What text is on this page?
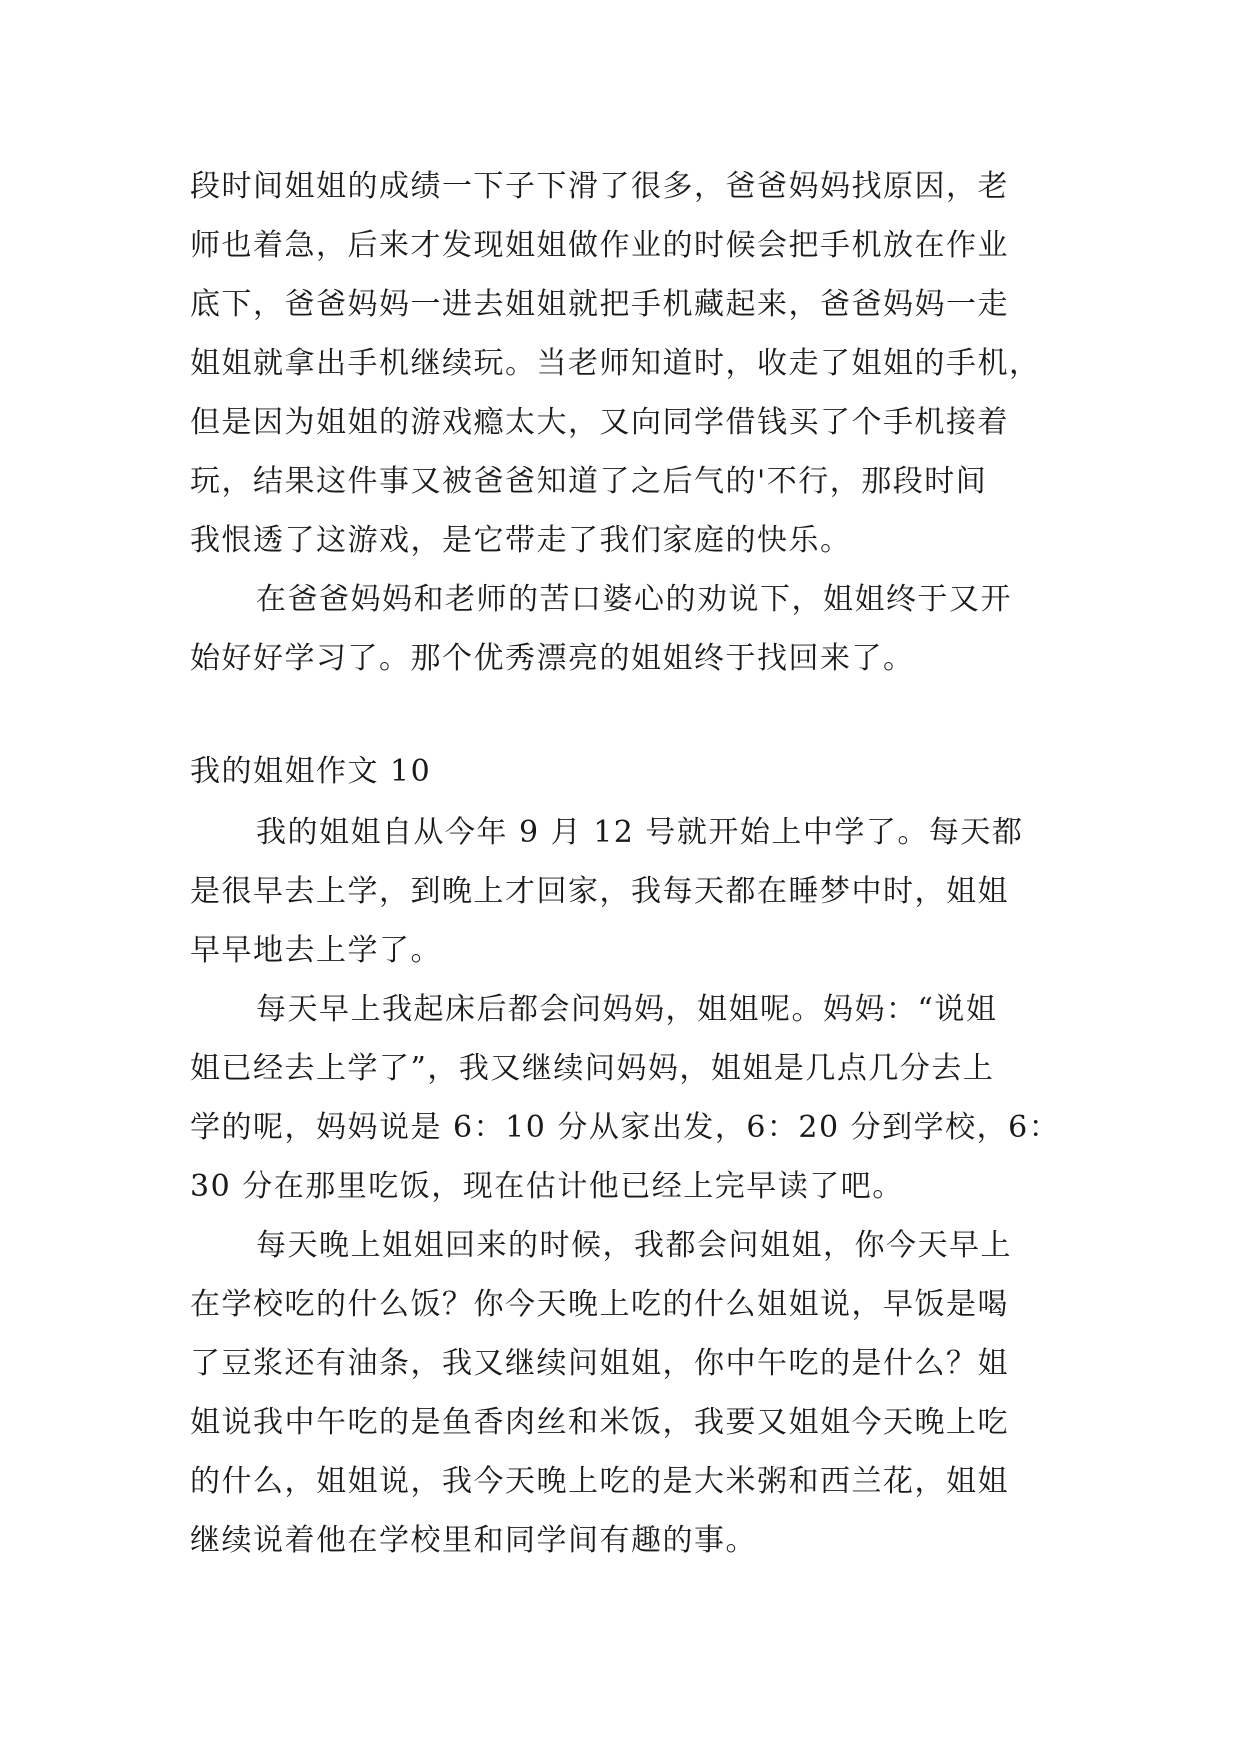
段时间姐姐的成绩一下子下滑了很多，爸爸妈妈找原因，老
师也着急，后来才发现姐姐做作业的时候会把手机放在作业
底下，爸爸妈妈一进去姐姐就把手机藏起来，爸爸妈妈一走
姐姐就拿出手机继续玩。当老师知道时，收走了姐姐的手机，
但是因为姐姐的游戏瘾太大，又向同学借钱买了个手机接着
玩，结果这件事又被爸爸知道了之后气的'不行，那段时间
我恨透了这游戏，是它带走了我们家庭的快乐。
在爸爸妈妈和老师的苦口婆心的劝说下，姐姐终于又开
始好好学习了。那个优秀漂亮的姐姐终于找回来了。
我的姐姐作文 10
我的姐姐自从今年 9 月 12 号就开始上中学了。每天都
是很早去上学，到晚上才回家，我每天都在睡梦中时，姐姐
早早地去上学了。
每天早上我起床后都会问妈妈，姐姐呢。妈妈：“说姐
姐已经去上学了”，我又继续问妈妈，姐姐是几点几分去上
学的呢，妈妈说是 6：10 分从家出发，6：20 分到学校，6：
30 分在那里吃饭，现在估计他已经上完早读了吧。
每天晚上姐姐回来的时候，我都会问姐姐，你今天早上
在学校吃的什么饭？你今天晚上吃的什么姐姐说，早饭是喝
了豆浆还有油条，我又继续问姐姐，你中午吃的是什么？姐
姐说我中午吃的是鱼香肉丝和米饭，我要又姐姐今天晚上吃
的什么，姐姐说，我今天晚上吃的是大米粥和西兰花，姐姐
继续说着他在学校里和同学间有趣的事。
